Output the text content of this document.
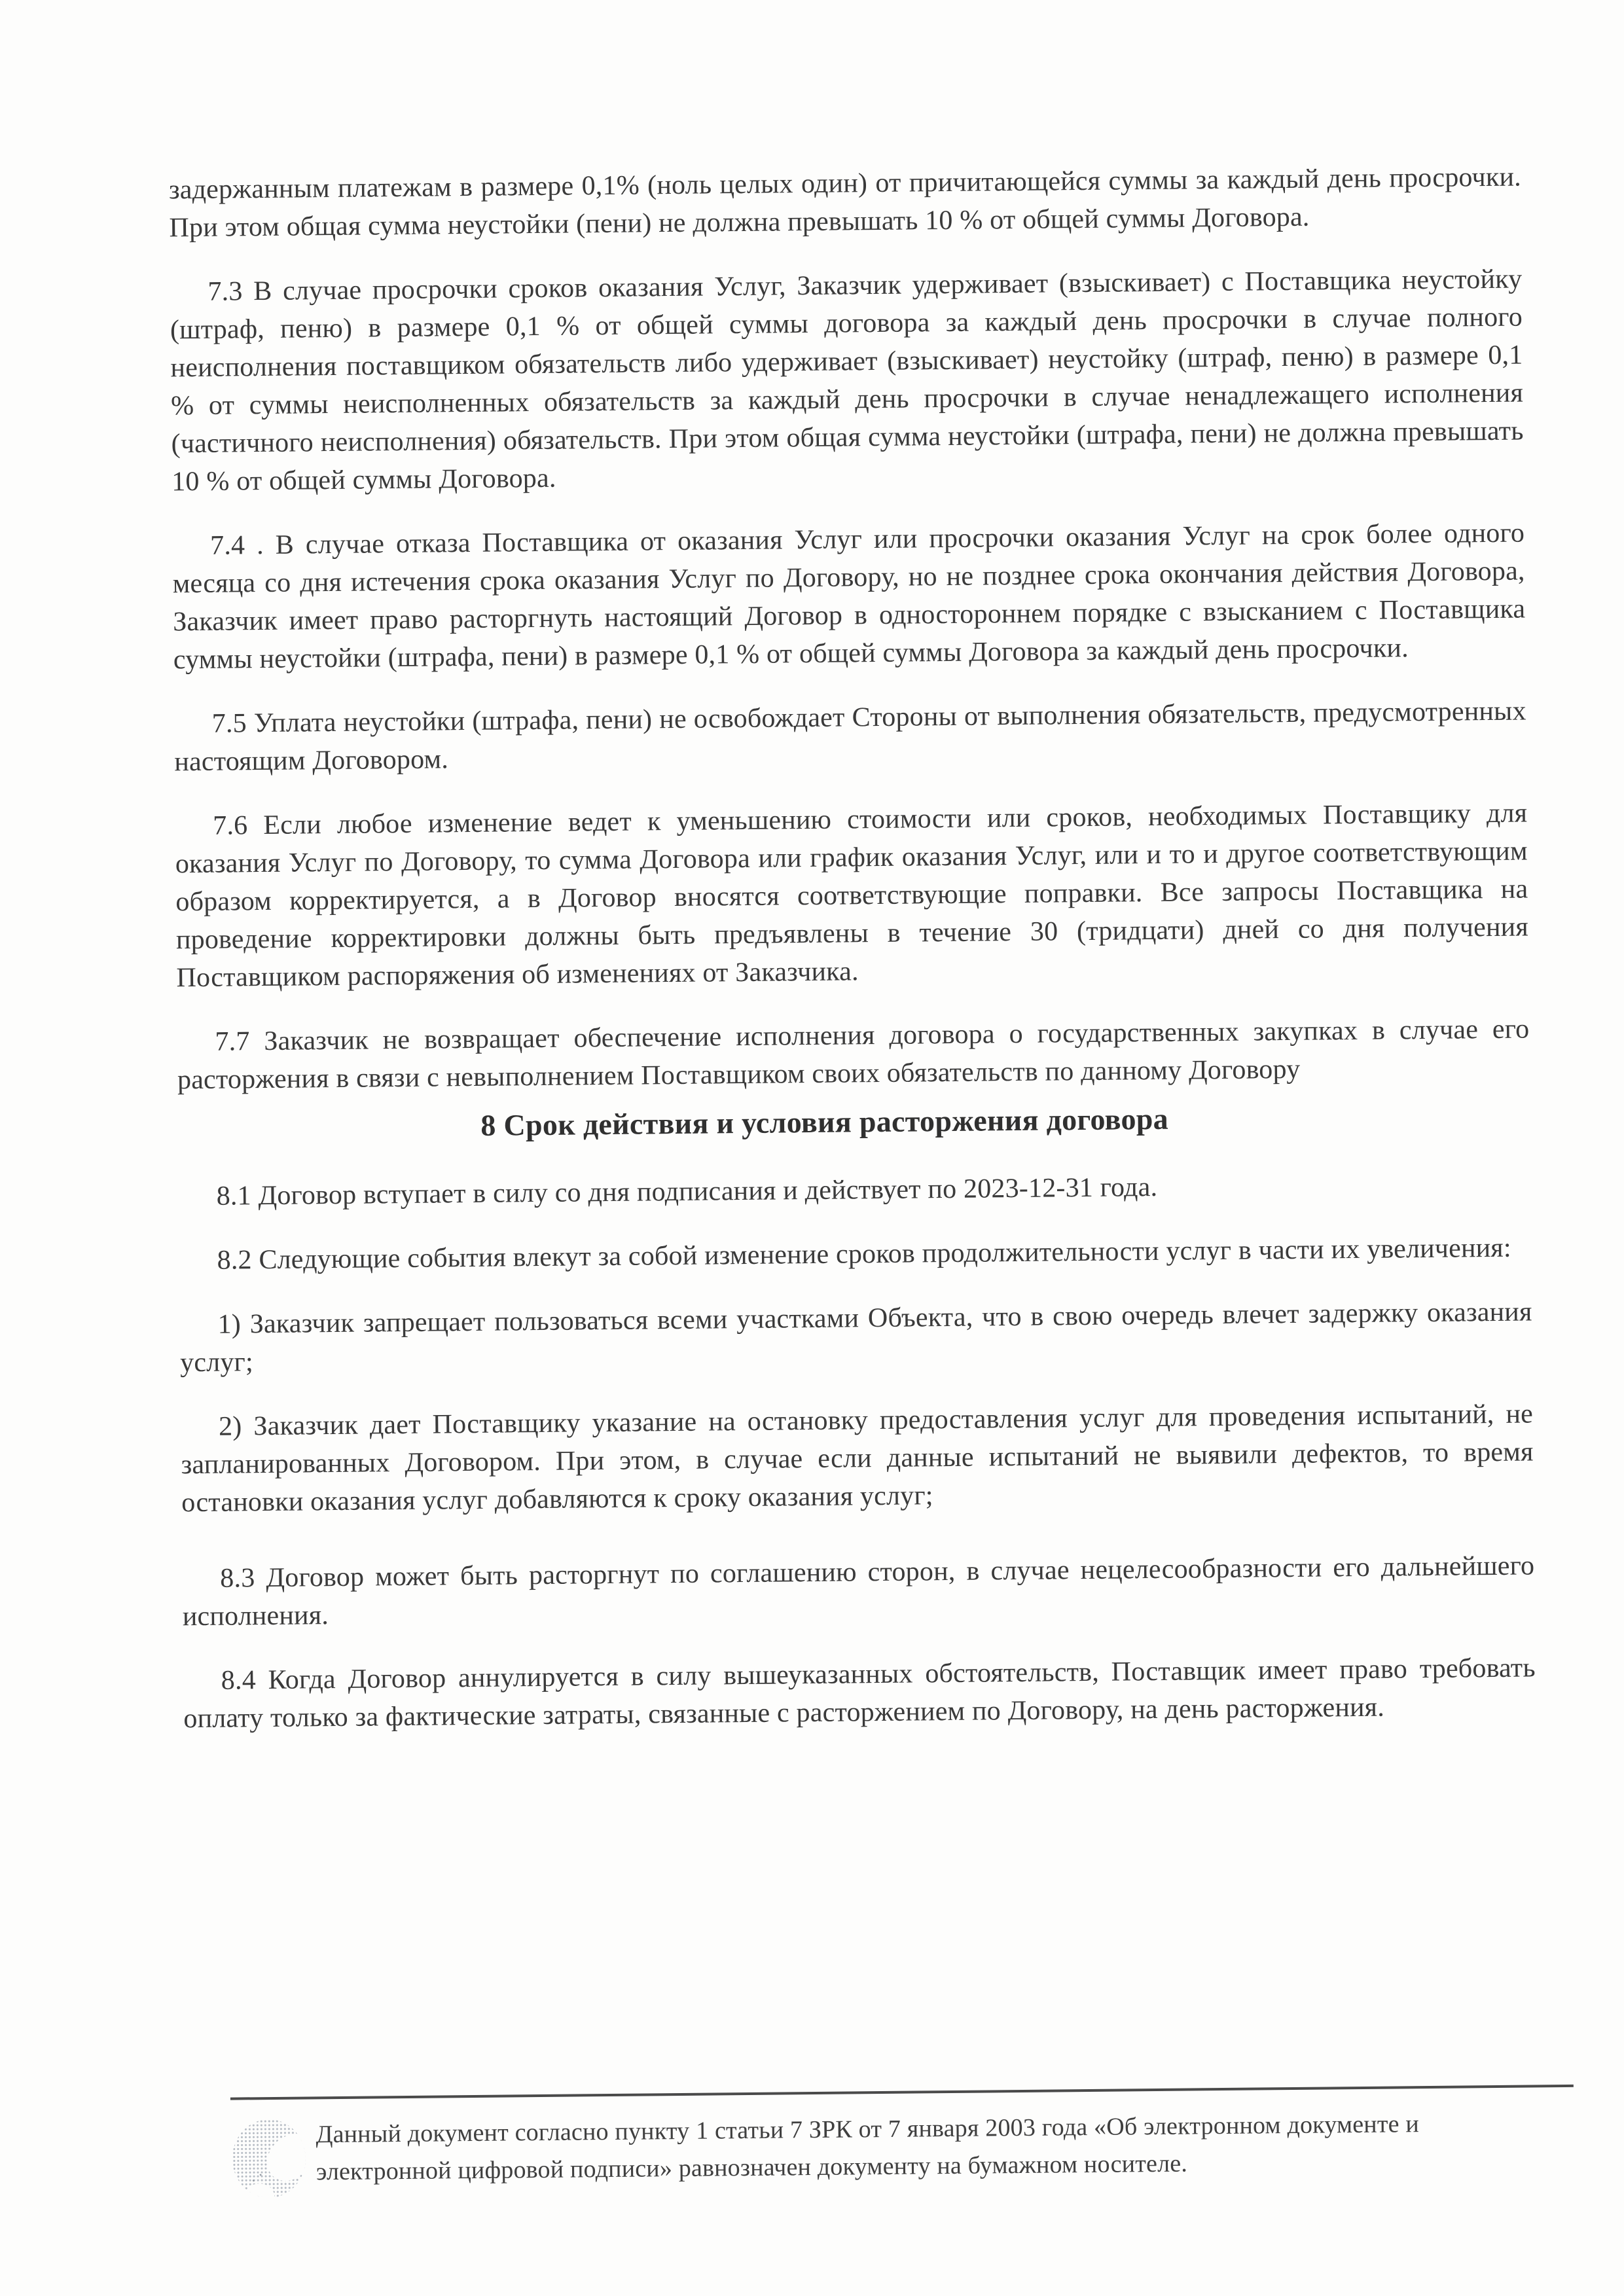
задержанным платежам в размере 0,1% (ноль целых один) от причитающейся суммы за каждый день просрочки. При этом общая сумма неустойки (пени) не должна превышать 10 % от общей суммы Договора.

7.3 В случае просрочки сроков оказания Услуг, Заказчик удерживает (взыскивает) с Поставщика неустойку (штраф, пеню) в размере 0,1 % от общей суммы договора за каждый день просрочки в случае полного неисполнения поставщиком обязательств либо удерживает (взыскивает) неустойку (штраф, пеню) в размере 0,1 % от суммы неисполненных обязательств за каждый день просрочки в случае ненадлежащего исполнения (частичного неисполнения) обязательств. При этом общая сумма неустойки (штрафа, пени) не должна превышать 10 % от общей суммы Договора.

7.4 . В случае отказа Поставщика от оказания Услуг или просрочки оказания Услуг на срок более одного месяца со дня истечения срока оказания Услуг по Договору, но не позднее срока окончания действия Договора, Заказчик имеет право расторгнуть настоящий Договор в одностороннем порядке с взысканием с Поставщика суммы неустойки (штрафа, пени) в размере 0,1 % от общей суммы Договора за каждый день просрочки.

7.5 Уплата неустойки (штрафа, пени) не освобождает Стороны от выполнения обязательств, предусмотренных настоящим Договором.

7.6 Если любое изменение ведет к уменьшению стоимости или сроков, необходимых Поставщику для оказания Услуг по Договору, то сумма Договора или график оказания Услуг, или и то и другое соответствующим образом корректируется, а в Договор вносятся соответствующие поправки. Все запросы Поставщика на проведение корректировки должны быть предъявлены в течение 30 (тридцати) дней со дня получения Поставщиком распоряжения об изменениях от Заказчика.

7.7 Заказчик не возвращает обеспечение исполнения договора о государственных закупках в случае его расторжения в связи с невыполнением Поставщиком своих обязательств по данному Договору

8 Срок действия и условия расторжения договора

8.1 Договор вступает в силу со дня подписания и действует по 2023-12-31 года.

8.2 Следующие события влекут за собой изменение сроков продолжительности услуг в части их увеличения:

1) Заказчик запрещает пользоваться всеми участками Объекта, что в свою очередь влечет задержку оказания услуг;

2) Заказчик дает Поставщику указание на остановку предоставления услуг для проведения испытаний, не запланированных Договором. При этом, в случае если данные испытаний не выявили дефектов, то время остановки оказания услуг добавляются к сроку оказания услуг;

8.3 Договор может быть расторгнут по соглашению сторон, в случае нецелесообразности его дальнейшего исполнения.

8.4 Когда Договор аннулируется в силу вышеуказанных обстоятельств, Поставщик имеет право требовать оплату только за фактические затраты, связанные с расторжением по Договору, на день расторжения.

᛫᛫
Данный документ согласно пункту 1 статьи 7 ЗРК от 7 января 2003 года «Об электронном документе и
электронной цифровой подписи» равнозначен документу на бумажном носителе.
